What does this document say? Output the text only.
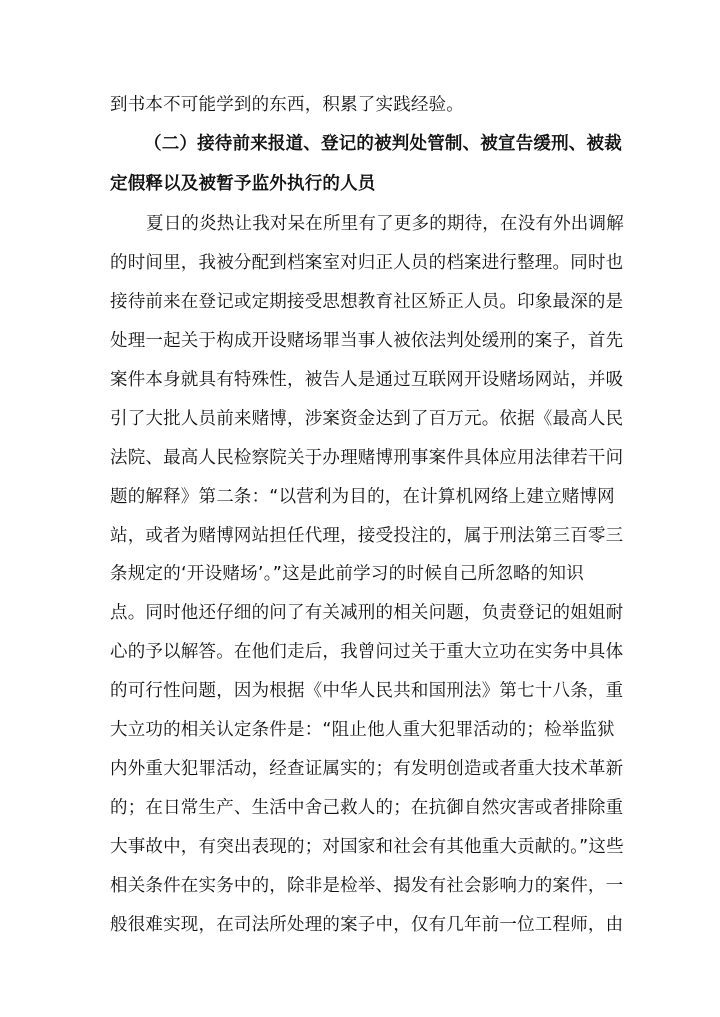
到书本不可能学到的东西，积累了实践经验。
（二）接待前来报道、登记的被判处管制、被宣告缓刑、被裁
定假释以及被暂予监外执行的人员
夏日的炎热让我对呆在所里有了更多的期待，在没有外出调解
的时间里，我被分配到档案室对归正人员的档案进行整理。同时也
接待前来在登记或定期接受思想教育社区矫正人员。印象最深的是
处理一起关于构成开设赌场罪当事人被依法判处缓刑的案子，首先
案件本身就具有特殊性，被告人是通过互联网开设赌场网站，并吸
引了大批人员前来赌博，涉案资金达到了百万元。依据《最高人民
法院、最高人民检察院关于办理赌博刑事案件具体应用法律若干问
题的解释》第二条：“以营利为目的，在计算机网络上建立赌博网
站，或者为赌博网站担任代理，接受投注的，属于刑法第三百零三
条规定的‘开设赌场’。”这是此前学习的时候自己所忽略的知识
点。同时他还仔细的问了有关减刑的相关问题，负责登记的姐姐耐
心的予以解答。在他们走后，我曾问过关于重大立功在实务中具体
的可行性问题，因为根据《中华人民共和国刑法》第七十八条，重
大立功的相关认定条件是：“阻止他人重大犯罪活动的；检举监狱
内外重大犯罪活动，经查证属实的；有发明创造或者重大技术革新
的；在日常生产、生活中舍己救人的；在抗御自然灾害或者排除重
大事故中，有突出表现的；对国家和社会有其他重大贡献的。”这些
相关条件在实务中的，除非是检举、揭发有社会影响力的案件，一
般很难实现，在司法所处理的案子中，仅有几年前一位工程师，由
